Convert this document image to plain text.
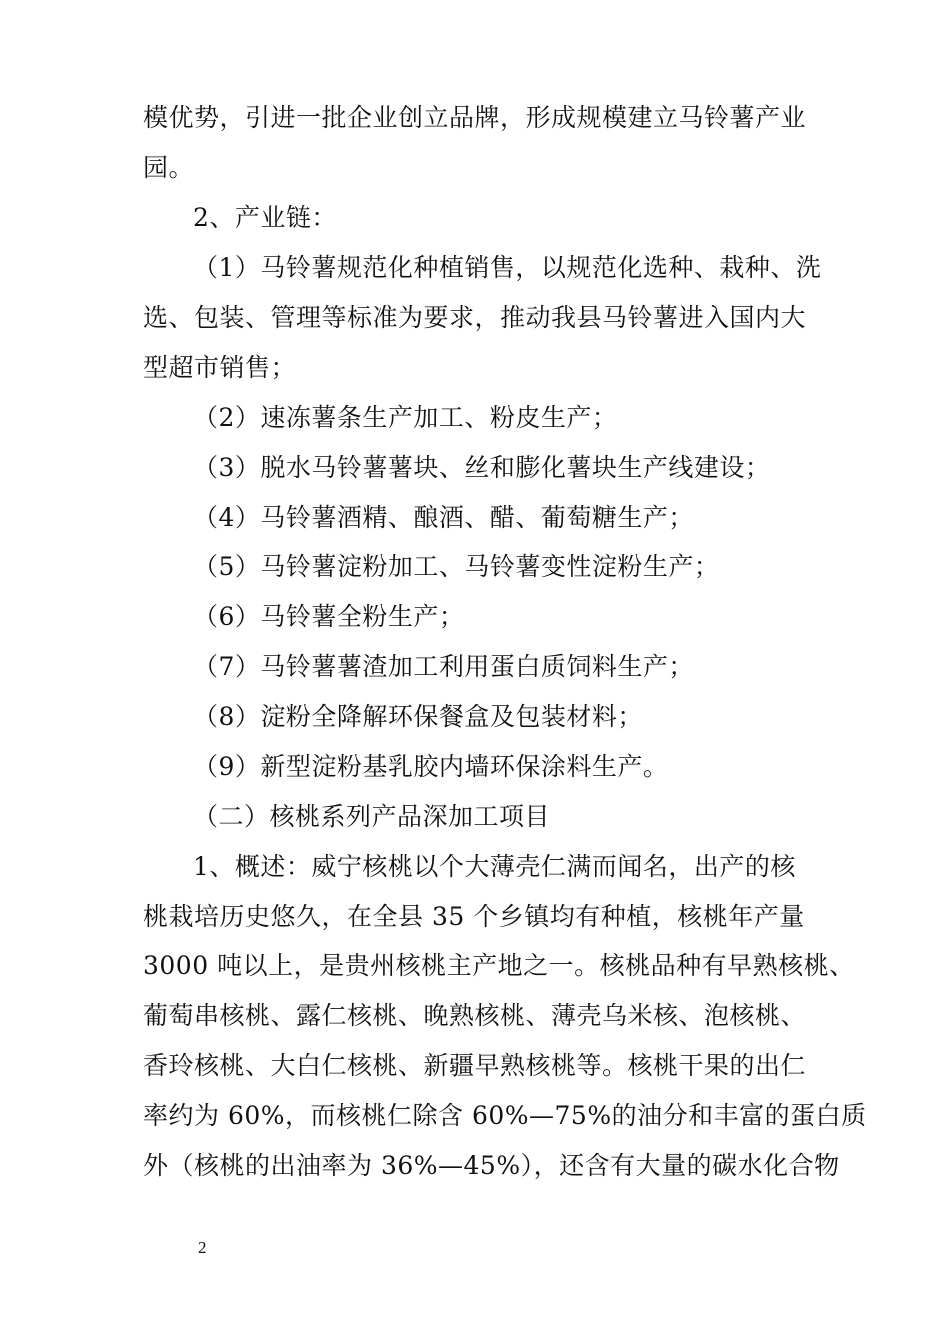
模优势，引进一批企业创立品牌，形成规模建立马铃薯产业
园。
2、产业链：
（1）马铃薯规范化种植销售，以规范化选种、栽种、洗
选、包装、管理等标准为要求，推动我县马铃薯进入国内大
型超市销售；
（2）速冻薯条生产加工、粉皮生产；
（3）脱水马铃薯薯块、丝和膨化薯块生产线建设；
（4）马铃薯酒精、酿酒、醋、葡萄糖生产；
（5）马铃薯淀粉加工、马铃薯变性淀粉生产；
（6）马铃薯全粉生产；
（7）马铃薯薯渣加工利用蛋白质饲料生产；
（8）淀粉全降解环保餐盒及包装材料；
（9）新型淀粉基乳胶内墙环保涂料生产。
（二）核桃系列产品深加工项目
1、概述：威宁核桃以个大薄壳仁满而闻名，出产的核
桃栽培历史悠久，在全县 35 个乡镇均有种植，核桃年产量
3000 吨以上，是贵州核桃主产地之一。核桃品种有早熟核桃、
葡萄串核桃、露仁核桃、晚熟核桃、薄壳乌米核、泡核桃、
香玲核桃、大白仁核桃、新疆早熟核桃等。核桃干果的出仁
率约为 60%，而核桃仁除含 60%—75%的油分和丰富的蛋白质
外（核桃的出油率为 36%—45%），还含有大量的碳水化合物
2
